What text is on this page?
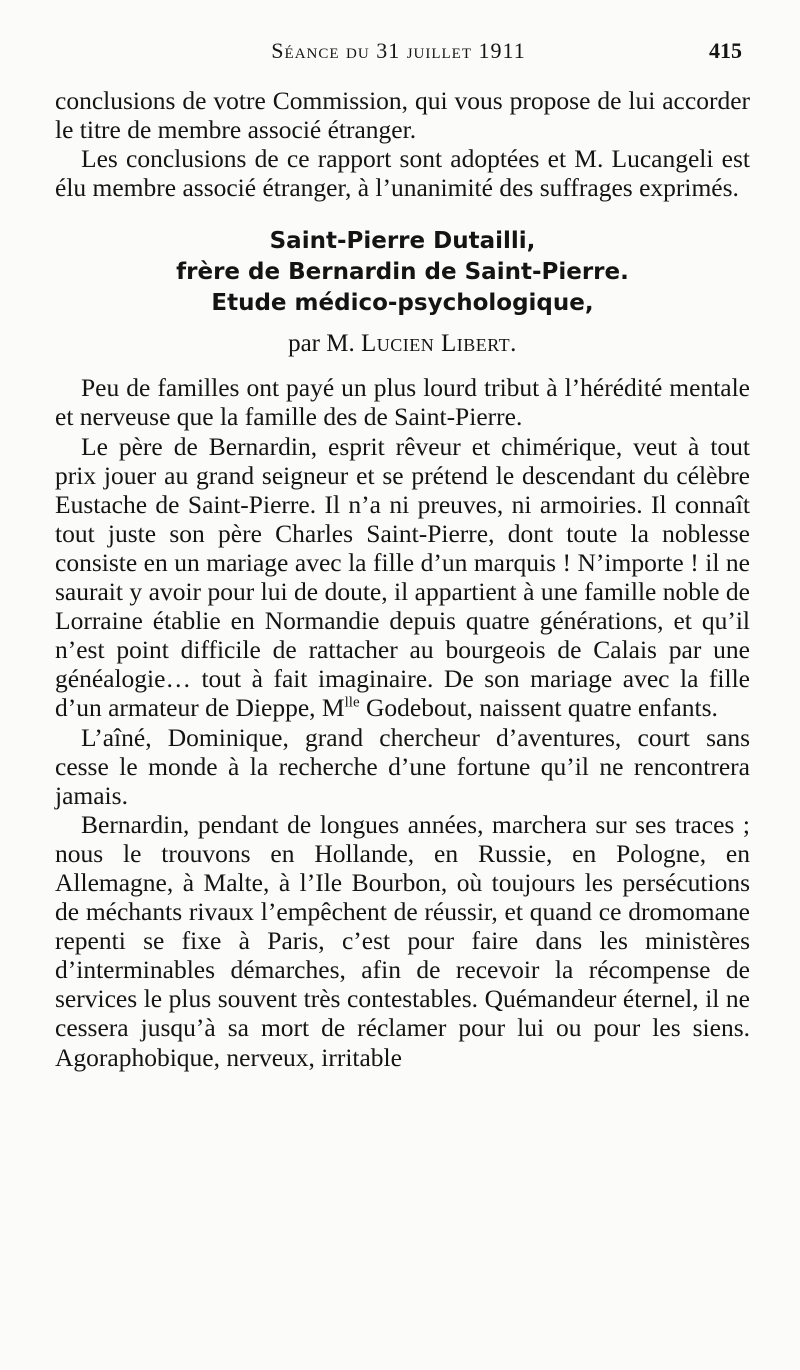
Séance du 31 juillet 1911	415

conclusions de votre Commission, qui vous propose de lui accorder le titre de membre associé étranger.

Les conclusions de ce rapport sont adoptées et M. Lucangeli est élu membre associé étranger, à l’unanimité des suffrages exprimés.

Saint-Pierre Dutailli,
frère de Bernardin de Saint-Pierre.
Etude médico-psychologique,
par M. Lucien Libert.

Peu de familles ont payé un plus lourd tribut à l’hérédité mentale et nerveuse que la famille des de Saint-Pierre.

Le père de Bernardin, esprit rêveur et chimérique, veut à tout prix jouer au grand seigneur et se prétend le descendant du célèbre Eustache de Saint-Pierre. Il n’a ni preuves, ni armoiries. Il connaît tout juste son père Charles Saint-Pierre, dont toute la noblesse consiste en un mariage avec la fille d’un marquis ! N’importe ! il ne saurait y avoir pour lui de doute, il appartient à une famille noble de Lorraine établie en Normandie depuis quatre générations, et qu’il n’est point difficile de rattacher au bourgeois de Calais par une généalogie… tout à fait imaginaire. De son mariage avec la fille d’un armateur de Dieppe, $M^{lle}$ Godebout, naissent quatre enfants.

L’aîné, Dominique, grand chercheur d’aventures, court sans cesse le monde à la recherche d’une fortune qu’il ne rencontrera jamais.

Bernardin, pendant de longues années, marchera sur ses traces ; nous le trouvons en Hollande, en Russie, en Pologne, en Allemagne, à Malte, à l’Ile Bourbon, où toujours les persécutions de méchants rivaux l’empêchent de réussir, et quand ce dromomane repenti se fixe à Paris, c’est pour faire dans les ministères d’interminables démarches, afin de recevoir la récompense de services le plus souvent très contestables. Quémandeur éternel, il ne cessera jusqu’à sa mort de réclamer pour lui ou pour les siens. Agoraphobique, nerveux, irritable
